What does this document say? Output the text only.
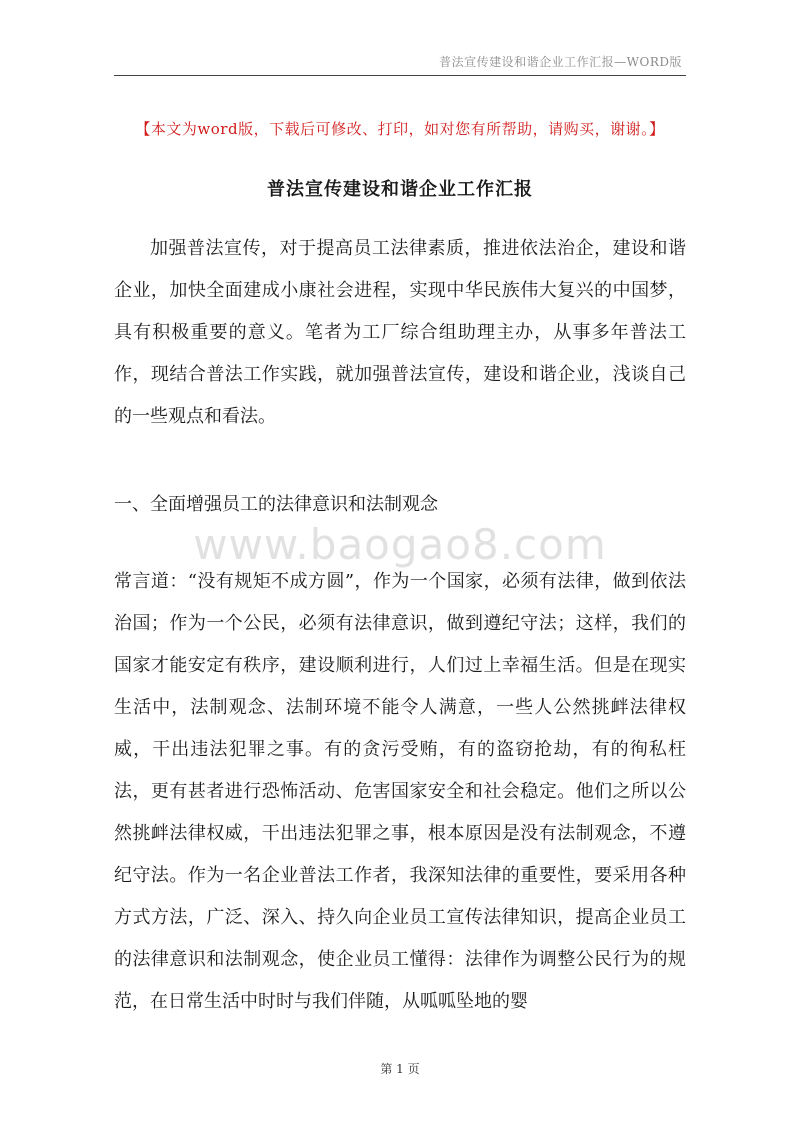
普法宣传建设和谐企业工作汇报—WORD版
【本文为word版，下载后可修改、打印，如对您有所帮助，请购买，谢谢。】
普法宣传建设和谐企业工作汇报

加强普法宣传，对于提高员工法律素质，推进依法治企，建设和谐企业，加快全面建成小康社会进程，实现中华民族伟大复兴的中国梦，具有积极重要的意义。笔者为工厂综合组助理主办，从事多年普法工作，现结合普法工作实践，就加强普法宣传，建设和谐企业，浅谈自己的一些观点和看法。

一、全面增强员工的法律意识和法制观念

www.baogao8.com

常言道：“没有规矩不成方圆”，作为一个国家，必须有法律，做到依法治国；作为一个公民，必须有法律意识，做到遵纪守法；这样，我们的国家才能安定有秩序，建设顺利进行，人们过上幸福生活。但是在现实生活中，法制观念、法制环境不能令人满意，一些人公然挑衅法律权威，干出违法犯罪之事。有的贪污受贿，有的盗窃抢劫，有的徇私枉法，更有甚者进行恐怖活动、危害国家安全和社会稳定。他们之所以公然挑衅法律权威，干出违法犯罪之事，根本原因是没有法制观念，不遵纪守法。作为一名企业普法工作者，我深知法律的重要性，要采用各种方式方法，广泛、深入、持久向企业员工宣传法律知识，提高企业员工的法律意识和法制观念，使企业员工懂得：法律作为调整公民行为的规范，在日常生活中时时与我们伴随，从呱呱坠地的婴

第 1 页
